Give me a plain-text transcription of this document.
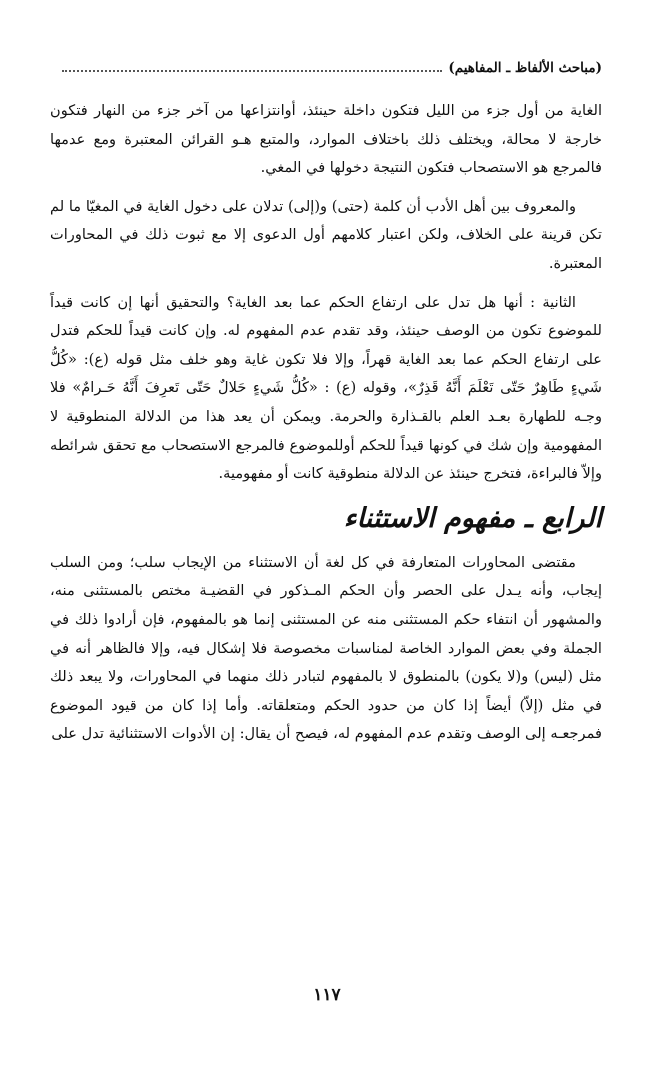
(مباحث الألفاظ ـ المفاهيم)

الغاية من أول جزء من الليل فتكون داخلة حينئذ، أوانتزاعها من آخر جزء من النهار فتكون خارجة لا محالة، ويختلف ذلك باختلاف الموارد، والمتبع هـو القرائن المعتبرة ومع عدمها فالمرجع هو الاستصحاب فتكون النتيجة دخولها في المغي.

والمعروف بين أهل الأدب أن كلمة (حتى) و(إلى) تدلان على دخول الغاية في المغيّا ما لم تكن قرينة على الخلاف، ولكن اعتبار كلامهم أول الدعوى إلا مع ثبوت ذلك في المحاورات المعتبرة.

الثانية : أنها هل تدل على ارتفاع الحكم عما بعد الغاية؟ والتحقيق أنها إن كانت قيداً للموضوع تكون من الوصف حينئذ، وقد تقدم عدم المفهوم له. وإن كانت قيداً للحكم فتدل على ارتفاع الحكم عما بعد الغاية قهراً، وإلا فلا تكون غاية وهو خلف مثل قوله (ع): «كُلُّ شَيءٍ طَاهِرٌ حَتّى تَعْلَمَ أَنَّهُ قَذِرٌ»، وقوله (ع) : «كُلُّ شَيءٍ حَلالٌ حَتّى تَعرِفَ أَنَّهُ حَـرامٌ» فلا وجـه للطهارة بعـد العلم بالقـذارة والحرمة. ويمكن أن يعد هذا من الدلالة المنطوقية لا المفهومية وإن شك في كونها قيداً للحكم أوللموضوع فالمرجع الاستصحاب مع تحقق شرائطه وإلاّ فالبراءة، فتخرج حينئذ عن الدلالة منطوقية كانت أو مفهومية.

الرابع ـ مفهوم الاستثناء

مقتضى المحاورات المتعارفة في كل لغة أن الاستثناء من الإيجاب سلب؛ ومن السلب إيجاب، وأنه يـدل على الحصر وأن الحكم المـذكور في القضيـة مختص بالمستثنى منه، والمشهور أن انتفاء حكم المستثنى منه عن المستثنى إنما هو بالمفهوم، فإن أرادوا ذلك في الجملة وفي بعض الموارد الخاصة لمناسبات مخصوصة فلا إشكال فيه، وإلا فالظاهر أنه في مثل (ليس) و(لا يكون) بالمنطوق لا بالمفهوم لتبادر ذلك منهما في المحاورات، ولا يبعد ذلك في مثل (إلاّ) أيضاً إذا كان من حدود الحكم ومتعلقاته. وأما إذا كان من قيود الموضوع فمرجعـه إلى الوصف وتقدم عدم المفهوم له، فيصح أن يقال: إن الأدوات الاستثنائية تدل على

١١٧
